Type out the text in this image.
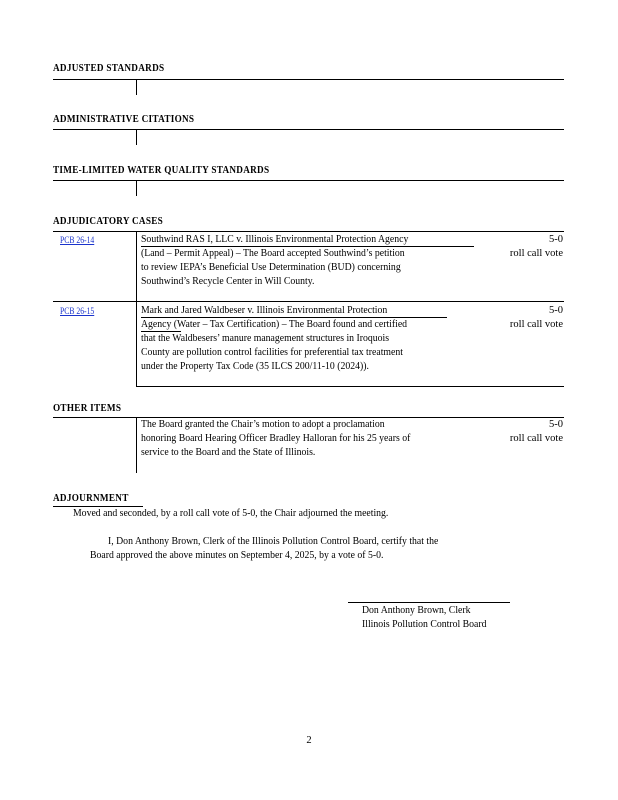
ADJUSTED STANDARDS
ADMINISTRATIVE CITATIONS
TIME-LIMITED WATER QUALITY STANDARDS
ADJUDICATORY CASES
PCB 26-14	Southwind RAS I, LLC v. Illinois Environmental Protection Agency
(Land – Permit Appeal) – The Board accepted Southwind’s petition
to review IEPA’s Beneficial Use Determination (BUD) concerning
Southwind’s Recycle Center in Will County.
5-0
roll call vote
PCB 26-15	Mark and Jared Waldbeser v. Illinois Environmental Protection
Agency (Water – Tax Certification) – The Board found and certified
that the Waldbesers’ manure management structures in Iroquois
County are pollution control facilities for preferential tax treatment
under the Property Tax Code (35 ILCS 200/11-10 (2024)).
5-0
roll call vote
OTHER ITEMS
The Board granted the Chair’s motion to adopt a proclamation
honoring Board Hearing Officer Bradley Halloran for his 25 years of
service to the Board and the State of Illinois.
5-0
roll call vote
ADJOURNMENT
Moved and seconded, by a roll call vote of 5-0, the Chair adjourned the meeting.
I, Don Anthony Brown, Clerk of the Illinois Pollution Control Board, certify that the
Board approved the above minutes on September 4, 2025, by a vote of 5-0.
Don Anthony Brown, Clerk
Illinois Pollution Control Board
2
